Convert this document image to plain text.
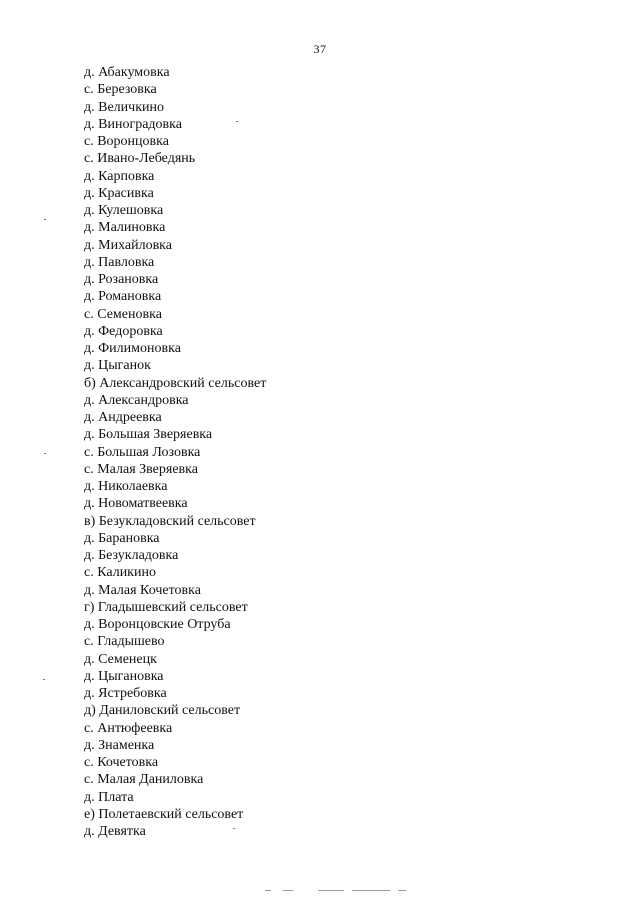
37
д. Абакумовка
с. Березовка
д. Величкино
д. Виноградовка
с. Воронцовка
с. Ивано-Лебедянь
д. Карповка
д. Красивка
д. Кулешовка
д. Малиновка
д. Михайловка
д. Павловка
д. Розановка
д. Романовка
с. Семеновка
д. Федоровка
д. Филимоновка
д. Цыганок
б) Александровский сельсовет
д. Александровка
д. Андреевка
д. Большая Зверяевка
с. Большая Лозовка
с. Малая Зверяевка
д. Николаевка
д. Новоматвеевка
в) Безукладовский сельсовет
д. Барановка
д. Безукладовка
с. Каликино
д. Малая Кочетовка
г) Гладышевский сельсовет
д. Воронцовские Отруба
с. Гладышево
д. Семенецк
д. Цыгановка
д. Ястребовка
д) Даниловский сельсовет
с. Антюфеевка
д. Знаменка
с. Кочетовка
с. Малая Даниловка
д. Плата
е) Полетаевский сельсовет
д. Девятка
